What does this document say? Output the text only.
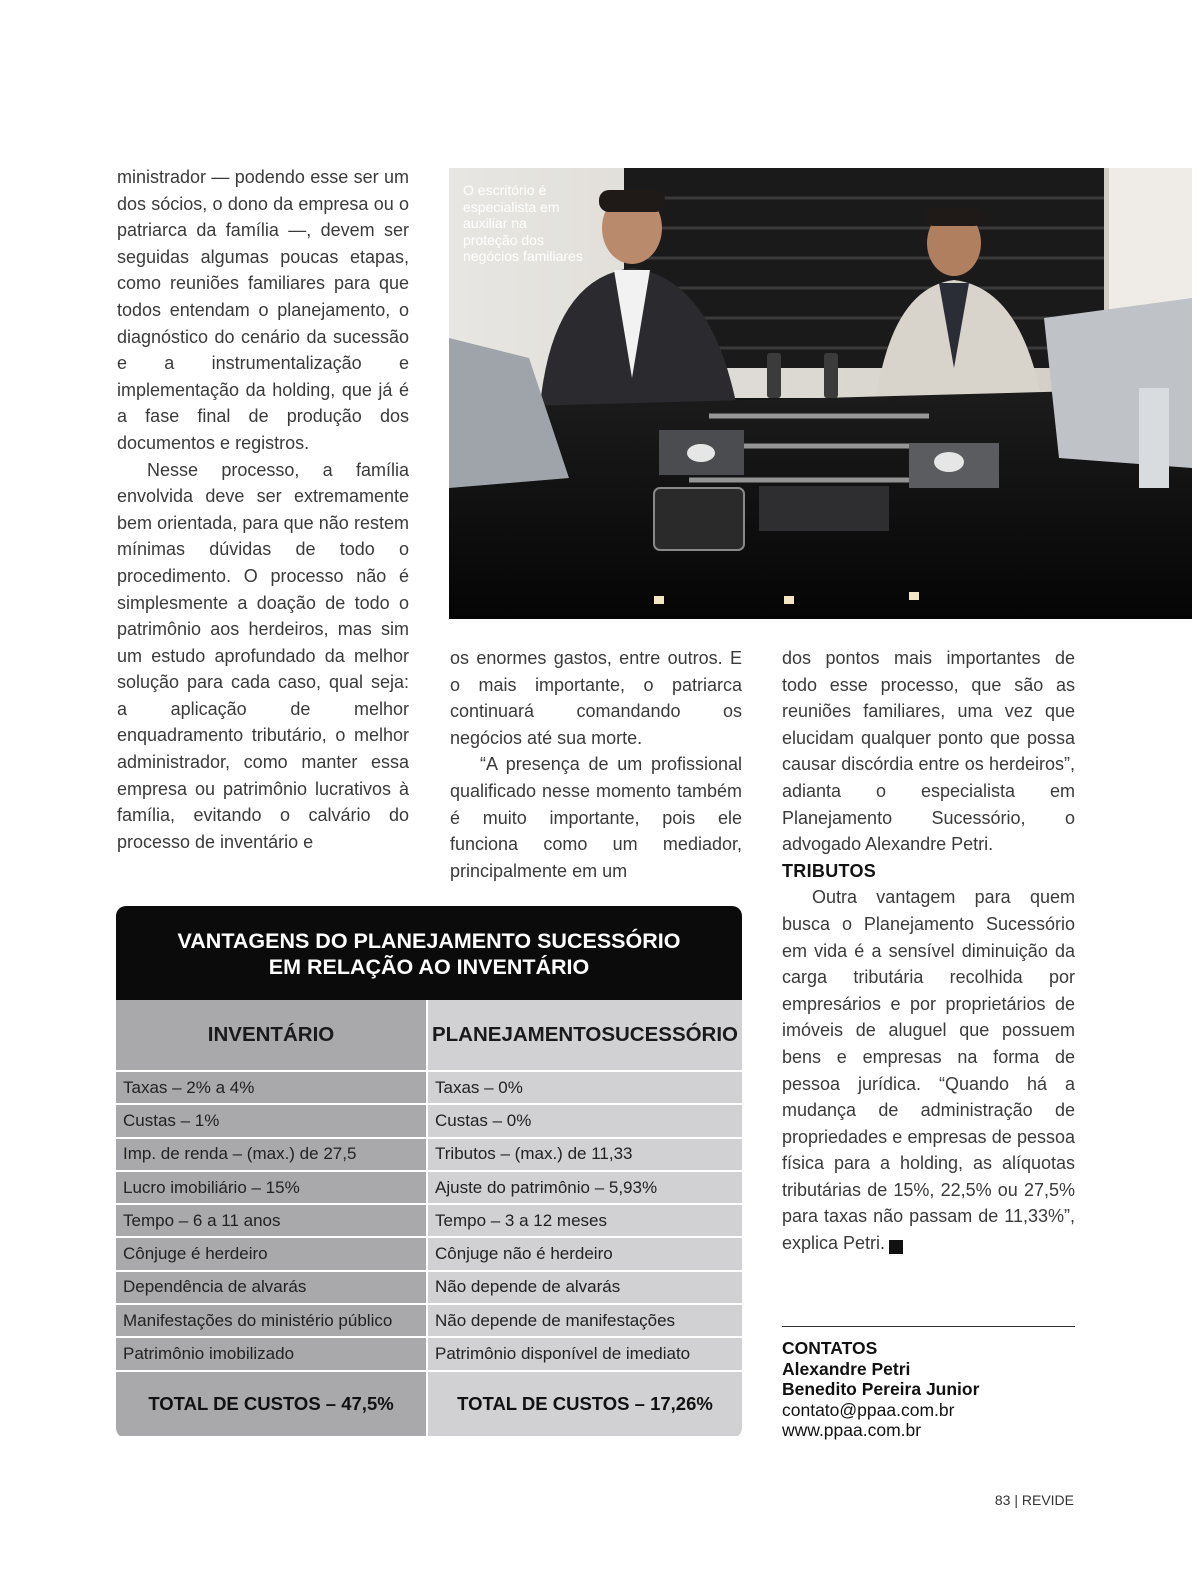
ministrador — podendo esse ser um dos sócios, o dono da empresa ou o patriarca da família —, devem ser seguidas algumas poucas etapas, como reuniões familiares para que todos entendam o planejamento, o diagnóstico do cenário da sucessão e a instrumentalização e implementação da holding, que já é a fase final de produção dos documentos e registros.

Nesse processo, a família envolvida deve ser extremamente bem orientada, para que não restem mínimas dúvidas de todo o procedimento. O processo não é simplesmente a doação de todo o patrimônio aos herdeiros, mas sim um estudo aprofundado da melhor solução para cada caso, qual seja: a aplicação de melhor enquadramento tributário, o melhor administrador, como manter essa empresa ou patrimônio lucrativos à família, evitando o calvário do processo de inventário e

O escritório é especialista em auxiliar na proteção dos negócios familiares

os enormes gastos, entre outros. E o mais importante, o patriarca continuará comandando os negócios até sua morte.

“A presença de um profissional qualificado nesse momento também é muito importante, pois ele funciona como um mediador, principalmente em um

dos pontos mais importantes de todo esse processo, que são as reuniões familiares, uma vez que elucidam qualquer ponto que possa causar discórdia entre os herdeiros”, adianta o especialista em Planejamento Sucessório, o advogado Alexandre Petri.

TRIBUTOS

Outra vantagem para quem busca o Planejamento Sucessório em vida é a sensível diminuição da carga tributária recolhida por empresários e por proprietários de imóveis de aluguel que possuem bens e empresas na forma de pessoa jurídica. “Quando há a mudança de administração de propriedades e empresas de pessoa física para a holding, as alíquotas tributárias de 15%, 22,5% ou 27,5% para taxas não passam de 11,33%”, explica Petri.	r

CONTATOS
Alexandre Petri
Benedito Pereira Junior
contato@ppaa.com.br
www.ppaa.com.br
VANTAGENS DO PLANEJAMENTO SUCESSÓRIO
EM RELAÇÃO AO INVENTÁRIO
INVENTÁRIO	PLANEJAMENTO SUCESSÓRIO
Taxas – 2% a 4%	Taxas – 0%
Custas – 1%	Custas – 0%
Imp. de renda – (max.) de 27,5	Tributos – (max.) de 11,33
Lucro imobiliário – 15%	Ajuste do patrimônio – 5,93%
Tempo – 6 a 11 anos	Tempo – 3 a 12 meses
Cônjuge é herdeiro	Cônjuge não é herdeiro
Dependência de alvarás	Não depende de alvarás
Manifestações do ministério público	Não depende de manifestações
Patrimônio imobilizado	Patrimônio disponível de imediato
TOTAL DE CUSTOS – 47,5%	TOTAL DE CUSTOS – 17,26%
83 | REVIDE
